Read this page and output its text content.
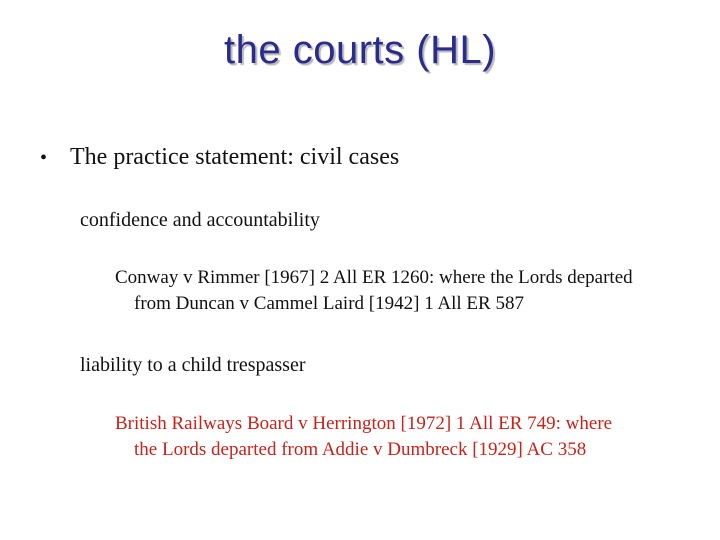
the courts (HL)
• The practice statement: civil cases
confidence and accountability
Conway v Rimmer [1967] 2 All ER 1260: where the Lords departed
from Duncan v Cammel Laird [1942] 1 All ER 587
liability to a child trespasser
British Railways Board v Herrington [1972] 1 All ER 749: where
the Lords departed from Addie v Dumbreck [1929] AC 358
